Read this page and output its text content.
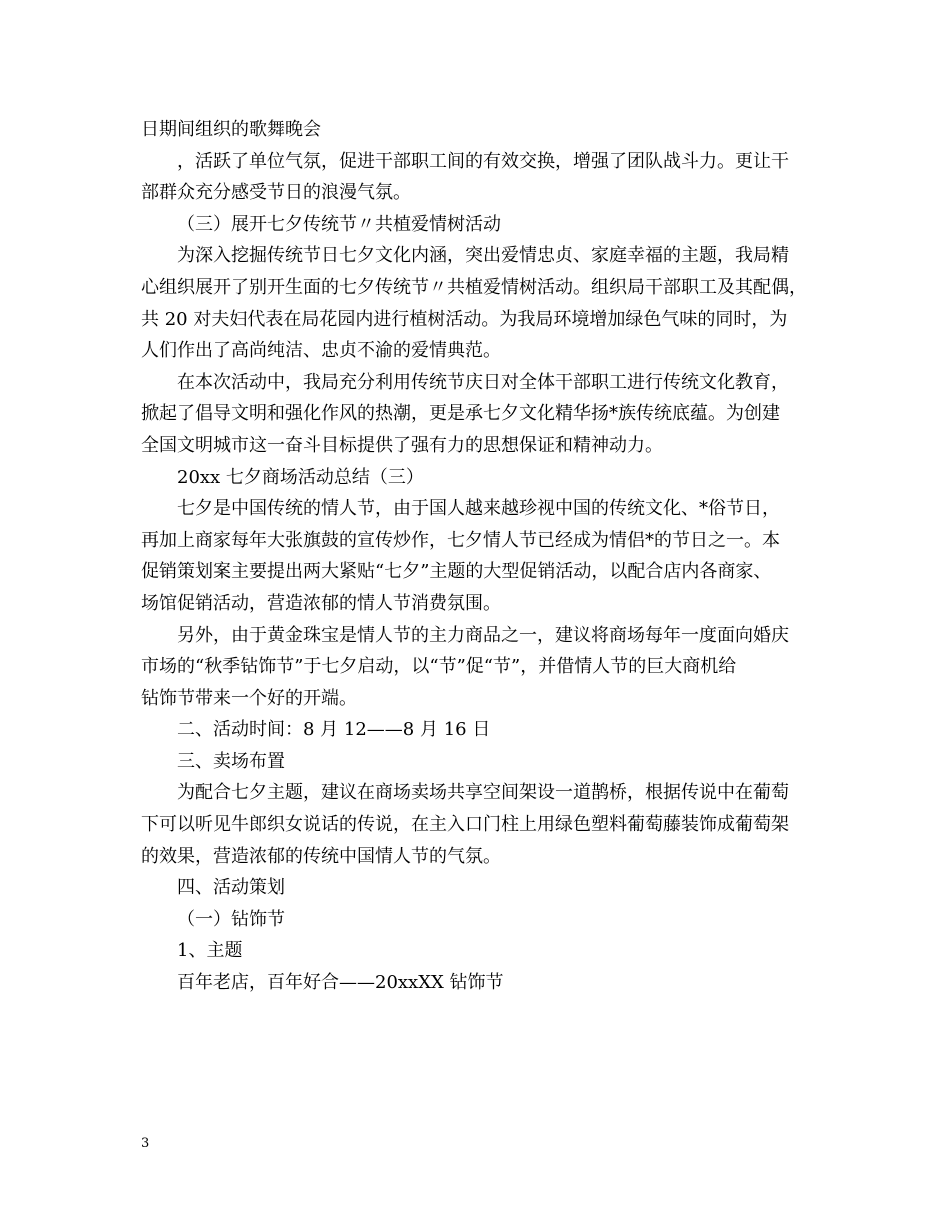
日期间组织的歌舞晚会
，活跃了单位气氛，促进干部职工间的有效交换，增强了团队战斗力。更让干
部群众充分感受节日的浪漫气氛。
（三）展开七夕传统节〃共植爱情树活动
为深入挖掘传统节日七夕文化内涵，突出爱情忠贞、家庭幸福的主题，我局精
心组织展开了别开生面的七夕传统节〃共植爱情树活动。组织局干部职工及其配偶，
共 20 对夫妇代表在局花园内进行植树活动。为我局环境增加绿色气味的同时，为
人们作出了高尚纯洁、忠贞不渝的爱情典范。
在本次活动中，我局充分利用传统节庆日对全体干部职工进行传统文化教育，
掀起了倡导文明和强化作风的热潮，更是承七夕文化精华扬*族传统底蕴。为创建
全国文明城市这一奋斗目标提供了强有力的思想保证和精神动力。
20xx 七夕商场活动总结（三）
七夕是中国传统的情人节，由于国人越来越珍视中国的传统文化、*俗节日，
再加上商家每年大张旗鼓的宣传炒作，七夕情人节已经成为情侣*的节日之一。本
促销策划案主要提出两大紧贴“七夕”主题的大型促销活动，以配合店内各商家、
场馆促销活动，营造浓郁的情人节消费氛围。
另外，由于黄金珠宝是情人节的主力商品之一，建议将商场每年一度面向婚庆
市场的“秋季钻饰节”于七夕启动，以“节”促“节”，并借情人节的巨大商机给
钻饰节带来一个好的开端。
二、活动时间：8 月 12——8 月 16 日
三、卖场布置
为配合七夕主题，建议在商场卖场共享空间架设一道鹊桥，根据传说中在葡萄
下可以听见牛郎织女说话的传说，在主入口门柱上用绿色塑料葡萄藤装饰成葡萄架
的效果，营造浓郁的传统中国情人节的气氛。
四、活动策划
（一）钻饰节
1、主题
百年老店，百年好合——20xxXX 钻饰节
3
